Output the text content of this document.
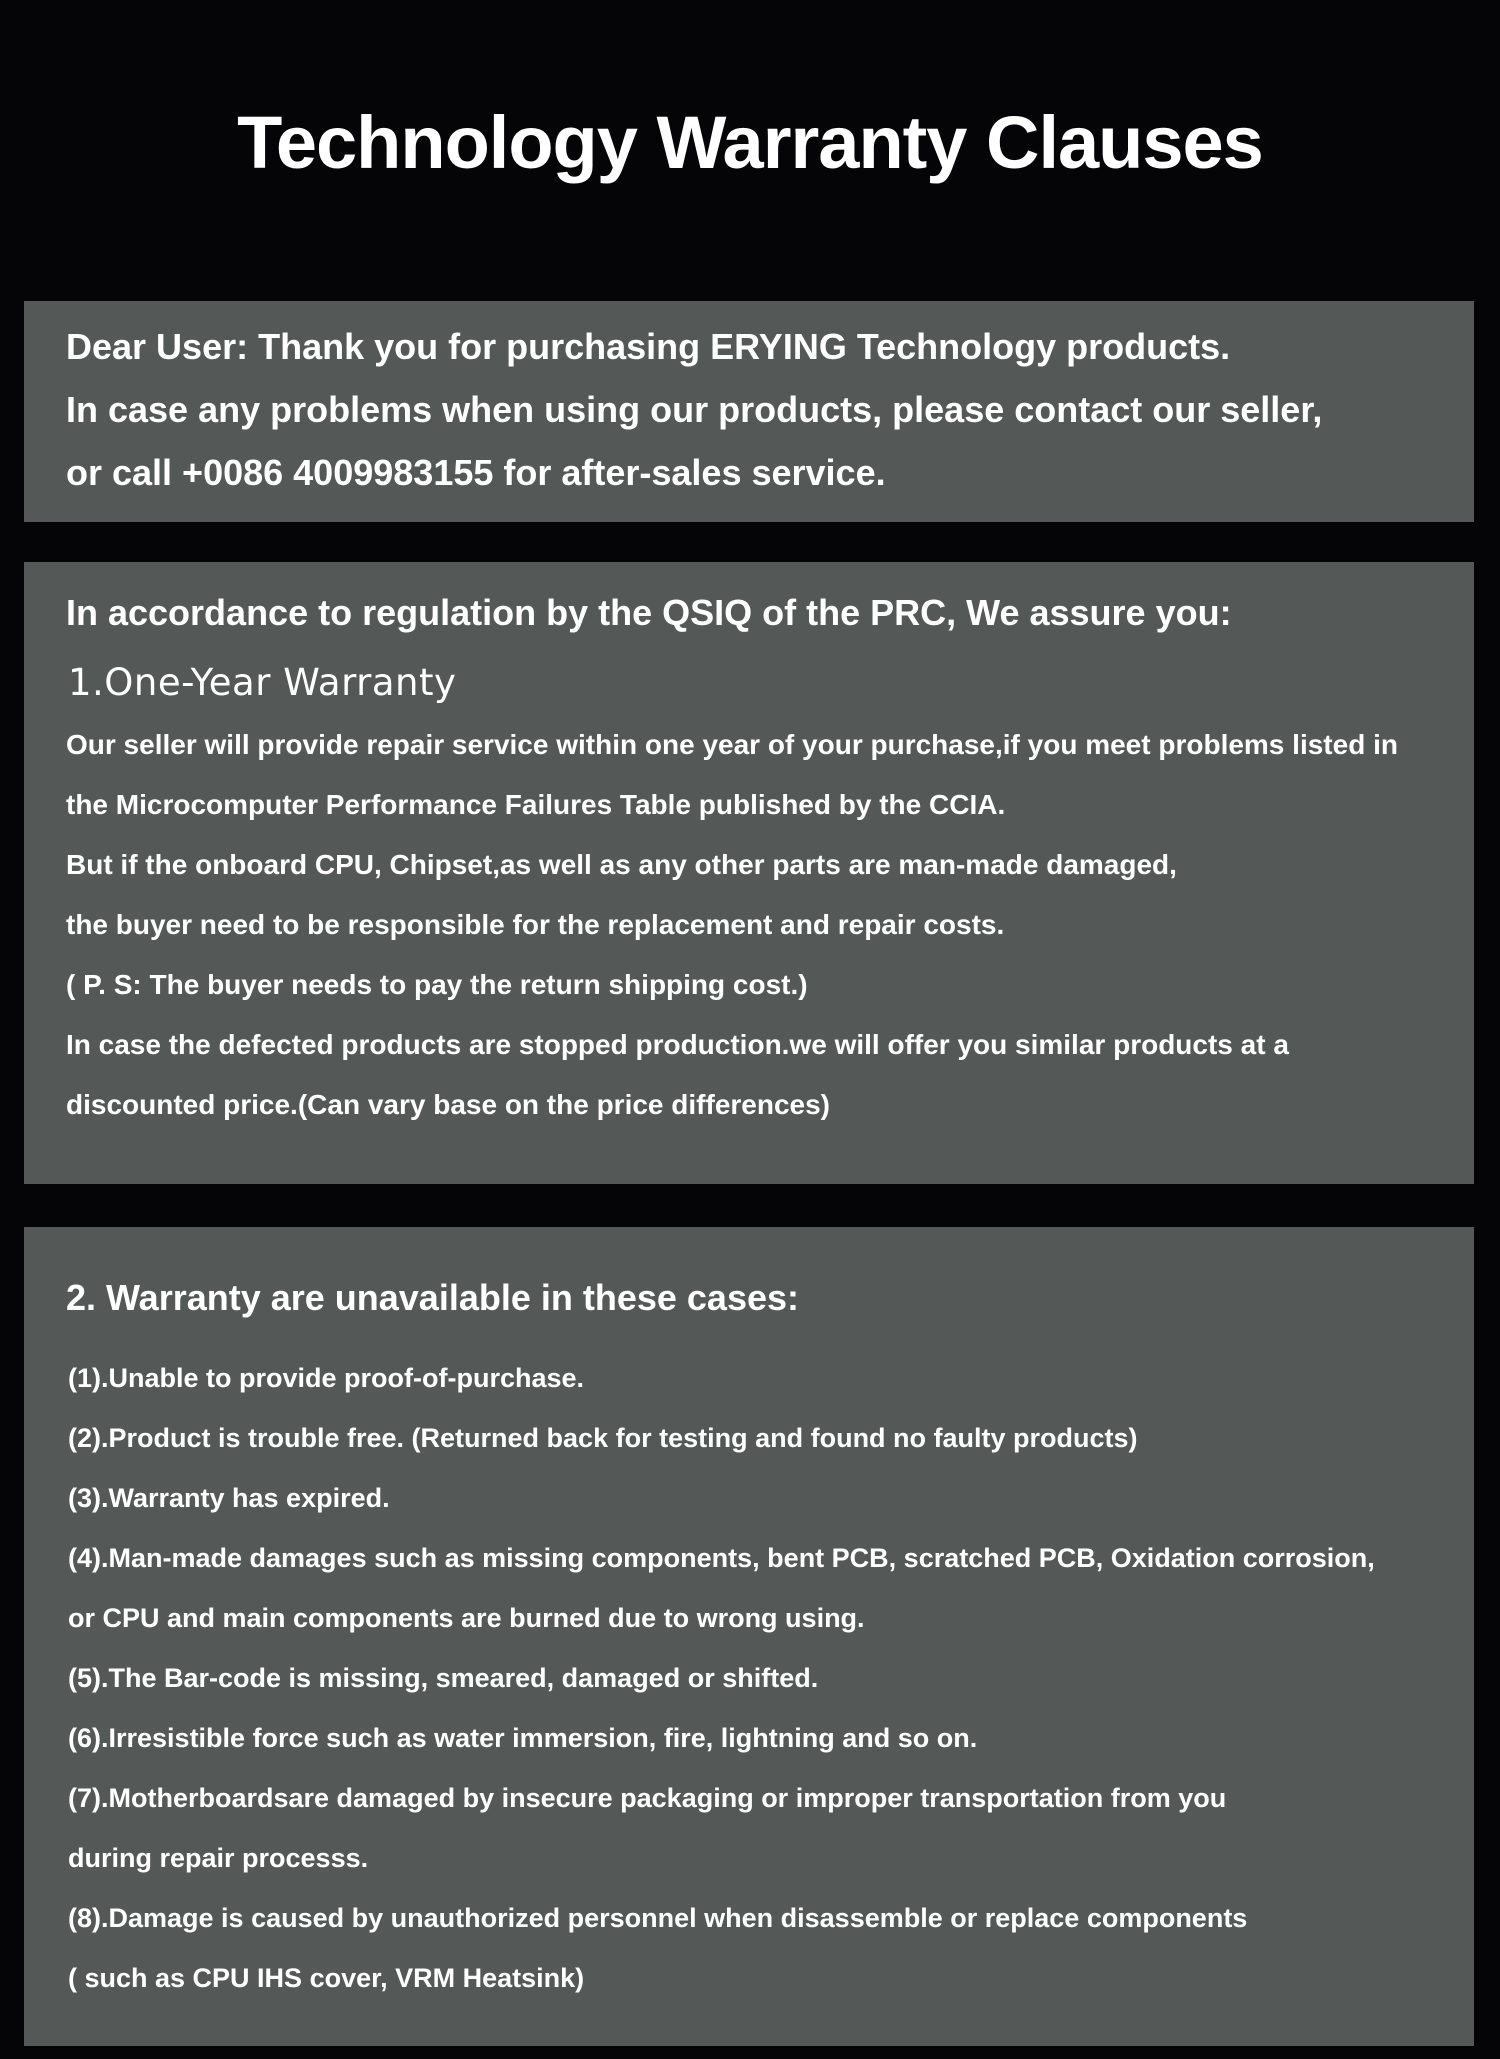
Technology Warranty Clauses
Dear User: Thank you for purchasing ERYING Technology products.
In case any problems when using our products, please contact our seller,
or call +0086 4009983155 for after-sales service.
In accordance to regulation by the QSIQ of the PRC, We assure you:
1.One-Year Warranty
Our seller will provide repair service within one year of your purchase,if you meet problems listed in
the Microcomputer Performance Failures Table published by the CCIA.
But if the onboard CPU, Chipset,as well as any other parts are man-made damaged,
the buyer need to be responsible for the replacement and repair costs.
( P. S: The buyer needs to pay the return shipping cost.)
In case the defected products are stopped production.we will offer you similar products at a
discounted price.(Can vary base on the price differences)
2. Warranty are unavailable in these cases:
(1).Unable to provide proof-of-purchase.
(2).Product is trouble free. (Returned back for testing and found no faulty products)
(3).Warranty has expired.
(4).Man-made damages such as missing components, bent PCB, scratched PCB, Oxidation corrosion,
or CPU and main components are burned due to wrong using.
(5).The Bar-code is missing, smeared, damaged or shifted.
(6).Irresistible force such as water immersion, fire, lightning and so on.
(7).Motherboardsare damaged by insecure packaging or improper transportation from you
during repair processs.
(8).Damage is caused by unauthorized personnel when disassemble or replace components
( such as CPU IHS cover, VRM Heatsink)
